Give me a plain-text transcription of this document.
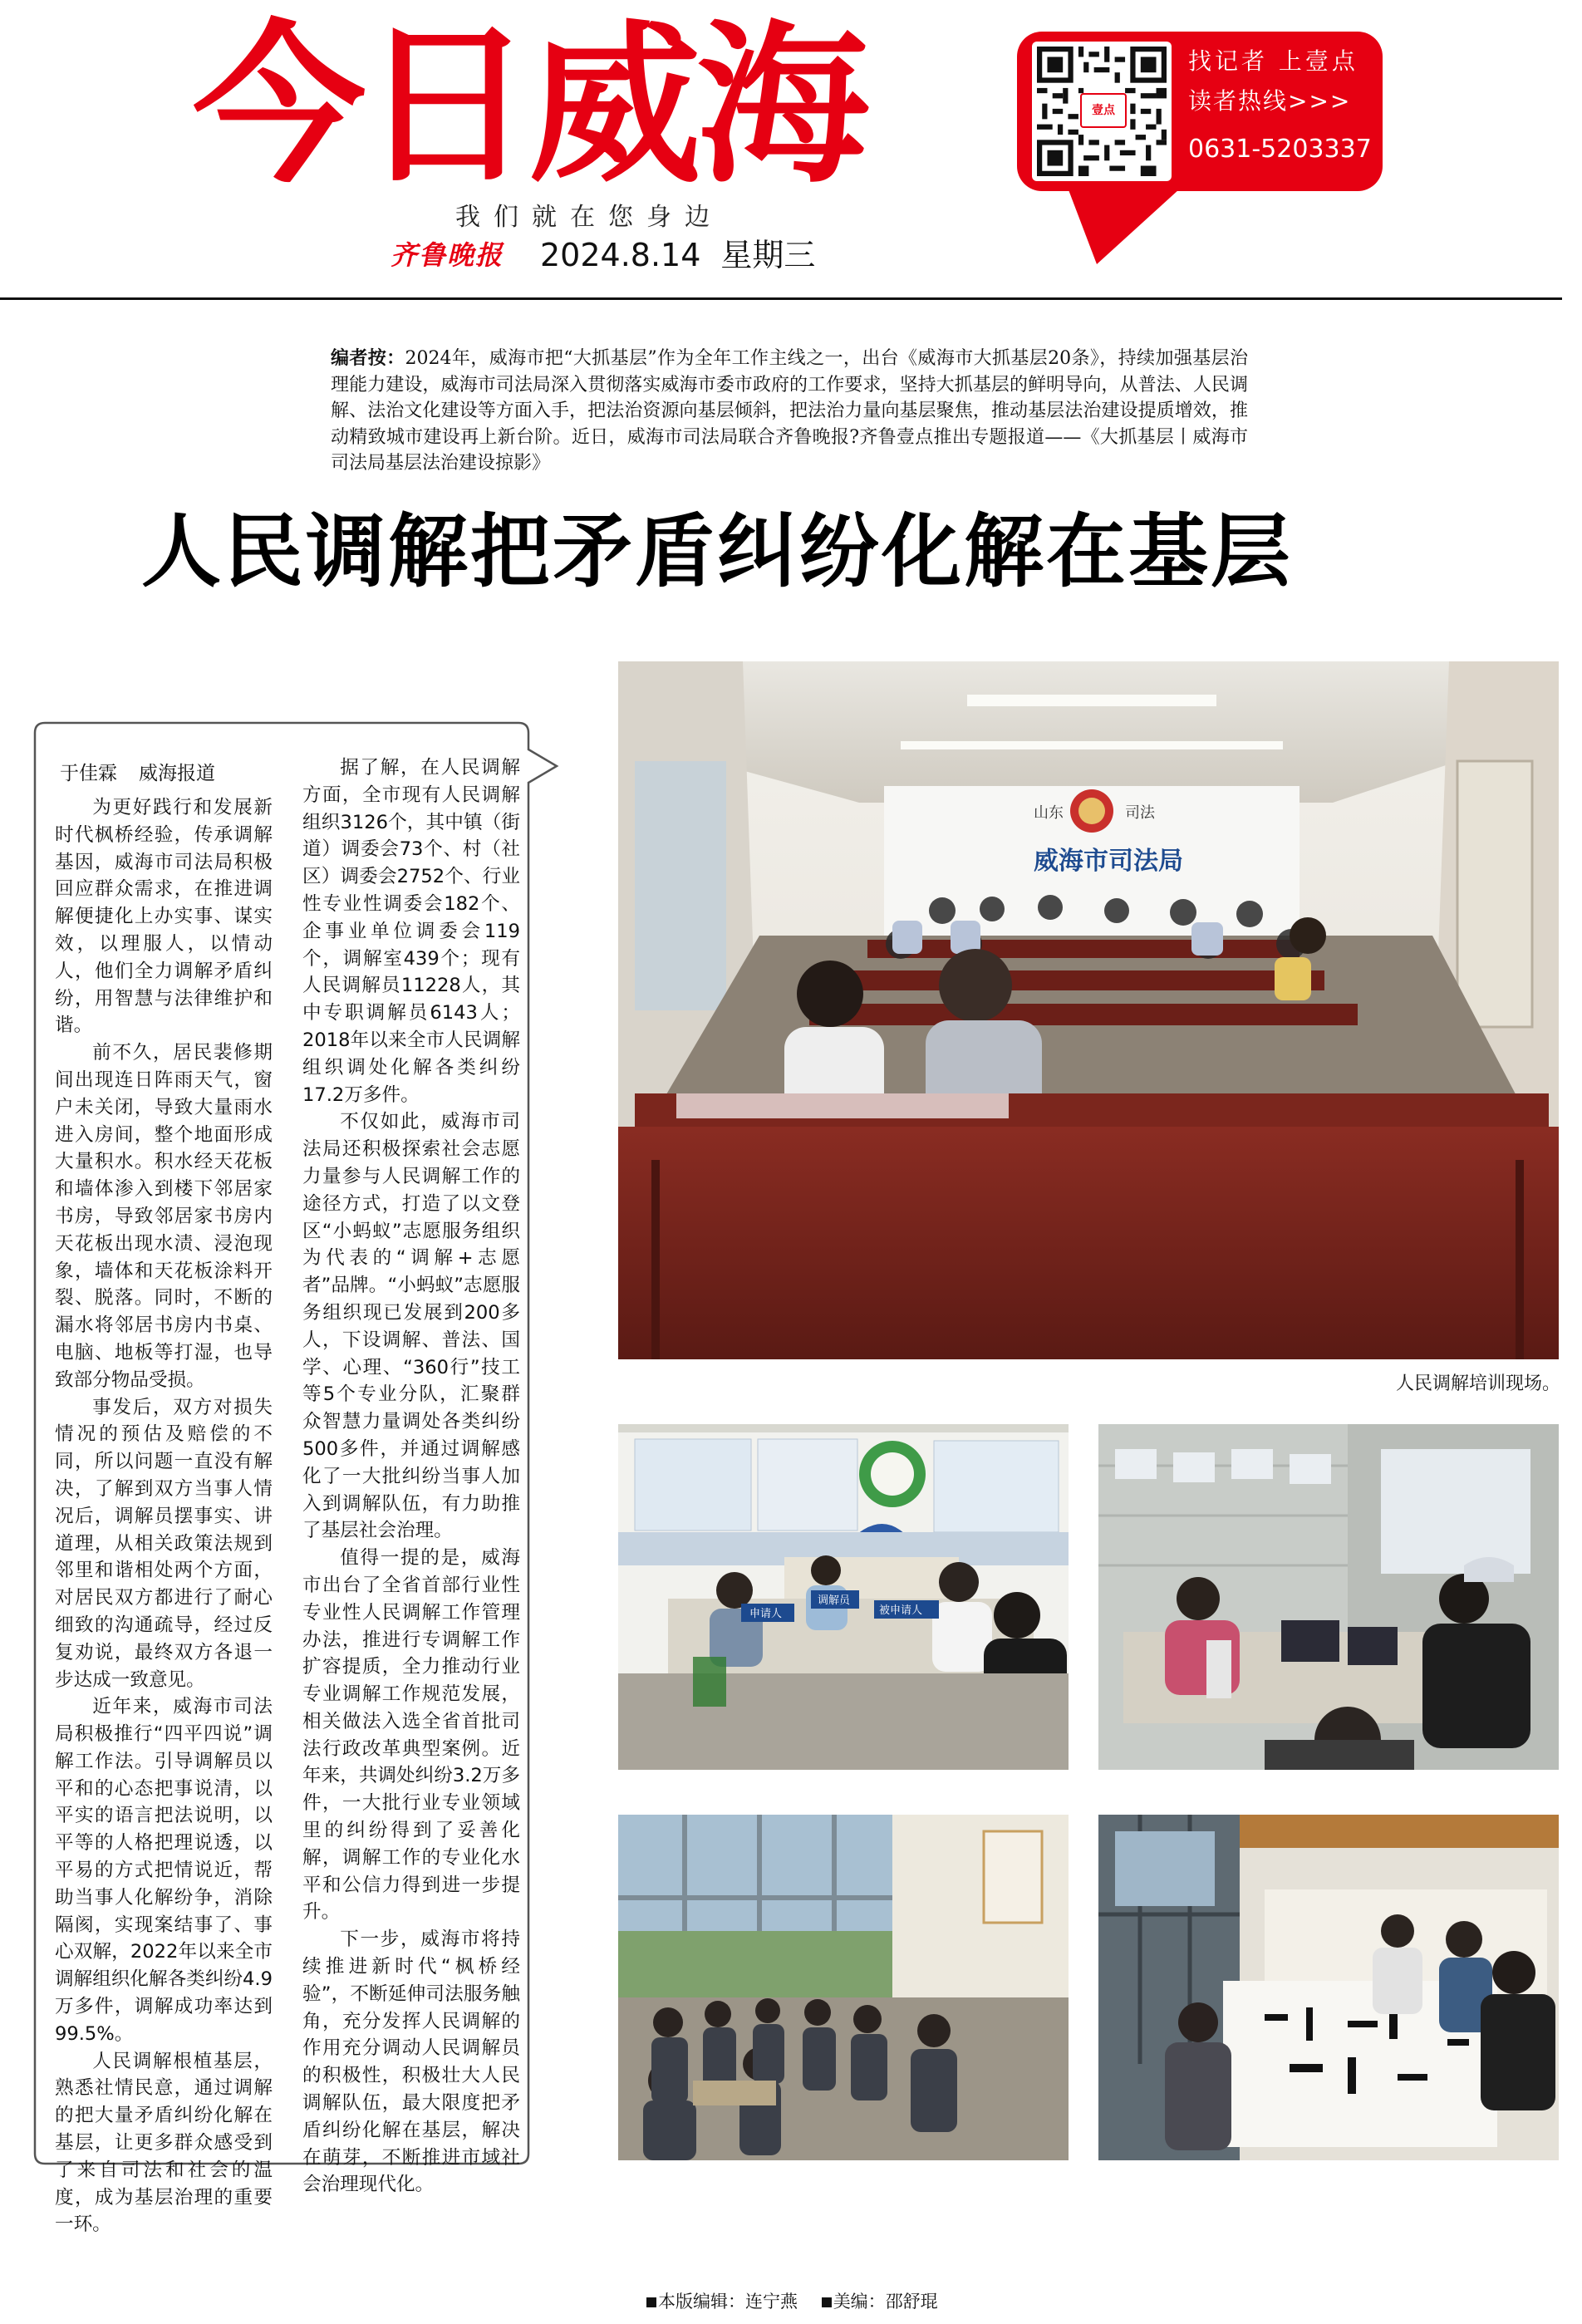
今日威海
我们就在您身边
齐鲁晚报 2024.8.14 星期三
壹点
找记者 上壹点
读者热线>>>
0631-5203337
编者按：2024年，威海市把“大抓基层”作为全年工作主线之一，出台《威海市大抓基层20条》，持续加强基层治理能力建设，威海市司法局深入贯彻落实威海市委市政府的工作要求，坚持大抓基层的鲜明导向，从普法、人民调解、法治文化建设等方面入手，把法治资源向基层倾斜，把法治力量向基层聚焦，推动基层法治建设提质增效，推动精致城市建设再上新台阶。近日，威海市司法局联合齐鲁晚报?齐鲁壹点推出专题报道——《大抓基层丨威海市司法局基层法治建设掠影》
人民调解把矛盾纠纷化解在基层
于佳霖 威海报道

为更好践行和发展新时代枫桥经验，传承调解基因，威海市司法局积极回应群众需求，在推进调解便捷化上办实事、谋实效，以理服人，以情动人，他们全力调解矛盾纠纷，用智慧与法律维护和谐。

前不久，居民裴修期间出现连日阵雨天气，窗户未关闭，导致大量雨水进入房间，整个地面形成大量积水。积水经天花板和墙体渗入到楼下邻居家书房，导致邻居家书房内天花板出现水渍、浸泡现象，墙体和天花板涂料开裂、脱落。同时，不断的漏水将邻居书房内书桌、电脑、地板等打湿，也导致部分物品受损。

事发后，双方对损失情况的预估及赔偿的不同，所以问题一直没有解决，了解到双方当事人情况后，调解员摆事实、讲道理，从相关政策法规到邻里和谐相处两个方面，对居民双方都进行了耐心细致的沟通疏导，经过反复劝说，最终双方各退一步达成一致意见。

近年来，威海市司法局积极推行“四平四说”调解工作法。引导调解员以平和的心态把事说清，以平实的语言把法说明，以平等的人格把理说透，以平易的方式把情说近，帮助当事人化解纷争，消除隔阂，实现案结事了、事心双解，2022年以来全市调解组织化解各类纠纷4.9万多件，调解成功率达到99.5%。

人民调解根植基层，熟悉社情民意，通过调解的把大量矛盾纠纷化解在基层，让更多群众感受到了来自司法和社会的温度，成为基层治理的重要一环。

据了解，在人民调解方面，全市现有人民调解组织3126个，其中镇（街道）调委会73个、村（社区）调委会2752个、行业性专业性调委会182个、企事业单位调委会119个，调解室439个；现有人民调解员11228人，其中专职调解员6143人；2018年以来全市人民调解组织调处化解各类纠纷17.2万多件。

不仅如此，威海市司法局还积极探索社会志愿力量参与人民调解工作的途径方式，打造了以文登区“小蚂蚁”志愿服务组织为代表的“调解+志愿者”品牌。“小蚂蚁”志愿服务组织现已发展到200多人，下设调解、普法、国学、心理、“360行”技工等5个专业分队，汇聚群众智慧力量调处各类纠纷500多件，并通过调解感化了一大批纠纷当事人加入到调解队伍，有力助推了基层社会治理。

值得一提的是，威海市出台了全省首部行业性专业性人民调解工作管理办法，推进行专调解工作扩容提质，全力推动行业专业调解工作规范发展，相关做法入选全省首批司法行政改革典型案例。近年来，共调处纠纷3.2万多件，一大批行业专业领域里的纠纷得到了妥善化解，调解工作的专业化水平和公信力得到进一步提升。

下一步，威海市将持续推进新时代“枫桥经验”，不断延伸司法服务触角，充分发挥人民调解的作用充分调动人民调解员的积极性，积极壮大人民调解队伍，最大限度把矛盾纠纷化解在基层，解决在萌芽，不断推进市域社会治理现代化。

山东	司法
威海市司法局
人民调解培训现场。
申请人
调解员
被申请人
本版编辑：连宁燕 美编：邵舒琨
